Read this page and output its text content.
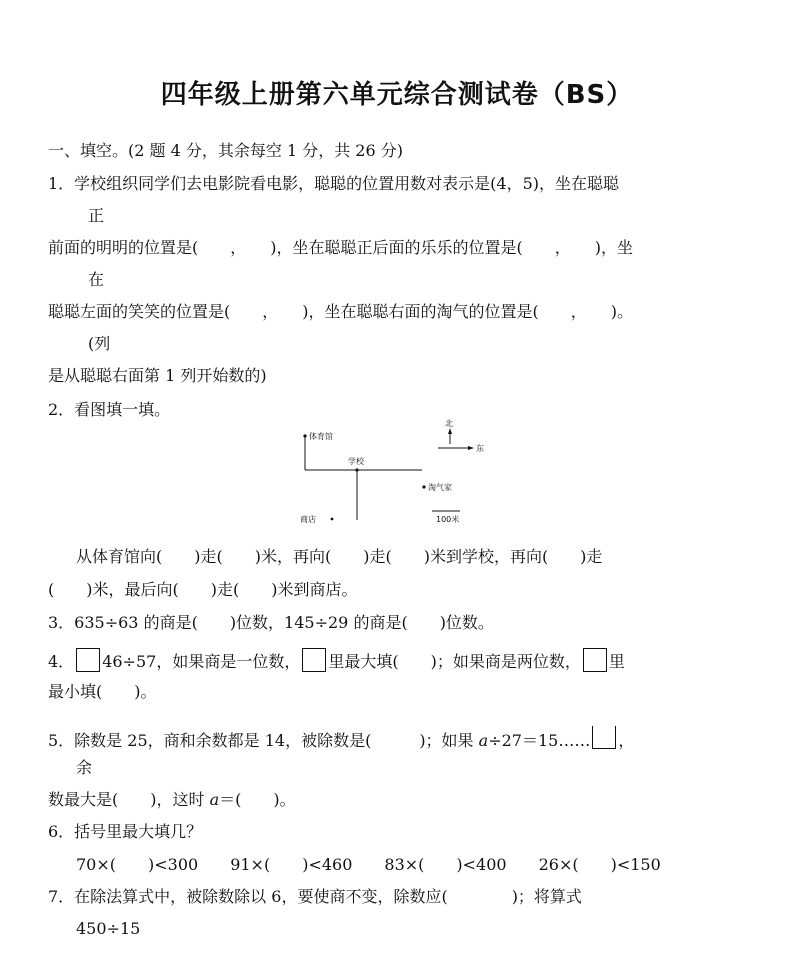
四年级上册第六单元综合测试卷（BS）
一、填空。(2 题 4 分，其余每空 1 分，共 26 分)
1．学校组织同学们去电影院看电影，聪聪的位置用数对表示是(4，5)，坐在聪聪
正
前面的明明的位置是(　　，　　)，坐在聪聪正后面的乐乐的位置是(　　，　　)，坐
在
聪聪左面的笑笑的位置是(　　，　　)，坐在聪聪右面的淘气的位置是(　　，　　)。
(列
是从聪聪右面第 1 列开始数的)
2．看图填一填。
体育馆
学校
北
东
淘气家
商店	100米
从体育馆向(　　)走(　　)米，再向(　　)走(　　)米到学校，再向(　　)走
(　　)米，最后向(　　)走(　　)米到商店。
3．635÷63 的商是(　　)位数，145÷29 的商是(　　)位数。
4． 46÷57，如果商是一位数， 里最大填(　　)；如果商是两位数， 里
最小填(　　)。
5．除数是 25，商和余数都是 14，被除数是(　　　)；如果 a÷27＝15…… ，
余
数最大是(　　)，这时 a＝(　　)。
6．括号里最大填几？
70×(　　)<300　　91×(　　)<460　　83×(　　)<400　　26×(　　)<150
7．在除法算式中，被除数除以 6，要使商不变，除数应(　　　　)；将算式
450÷15
